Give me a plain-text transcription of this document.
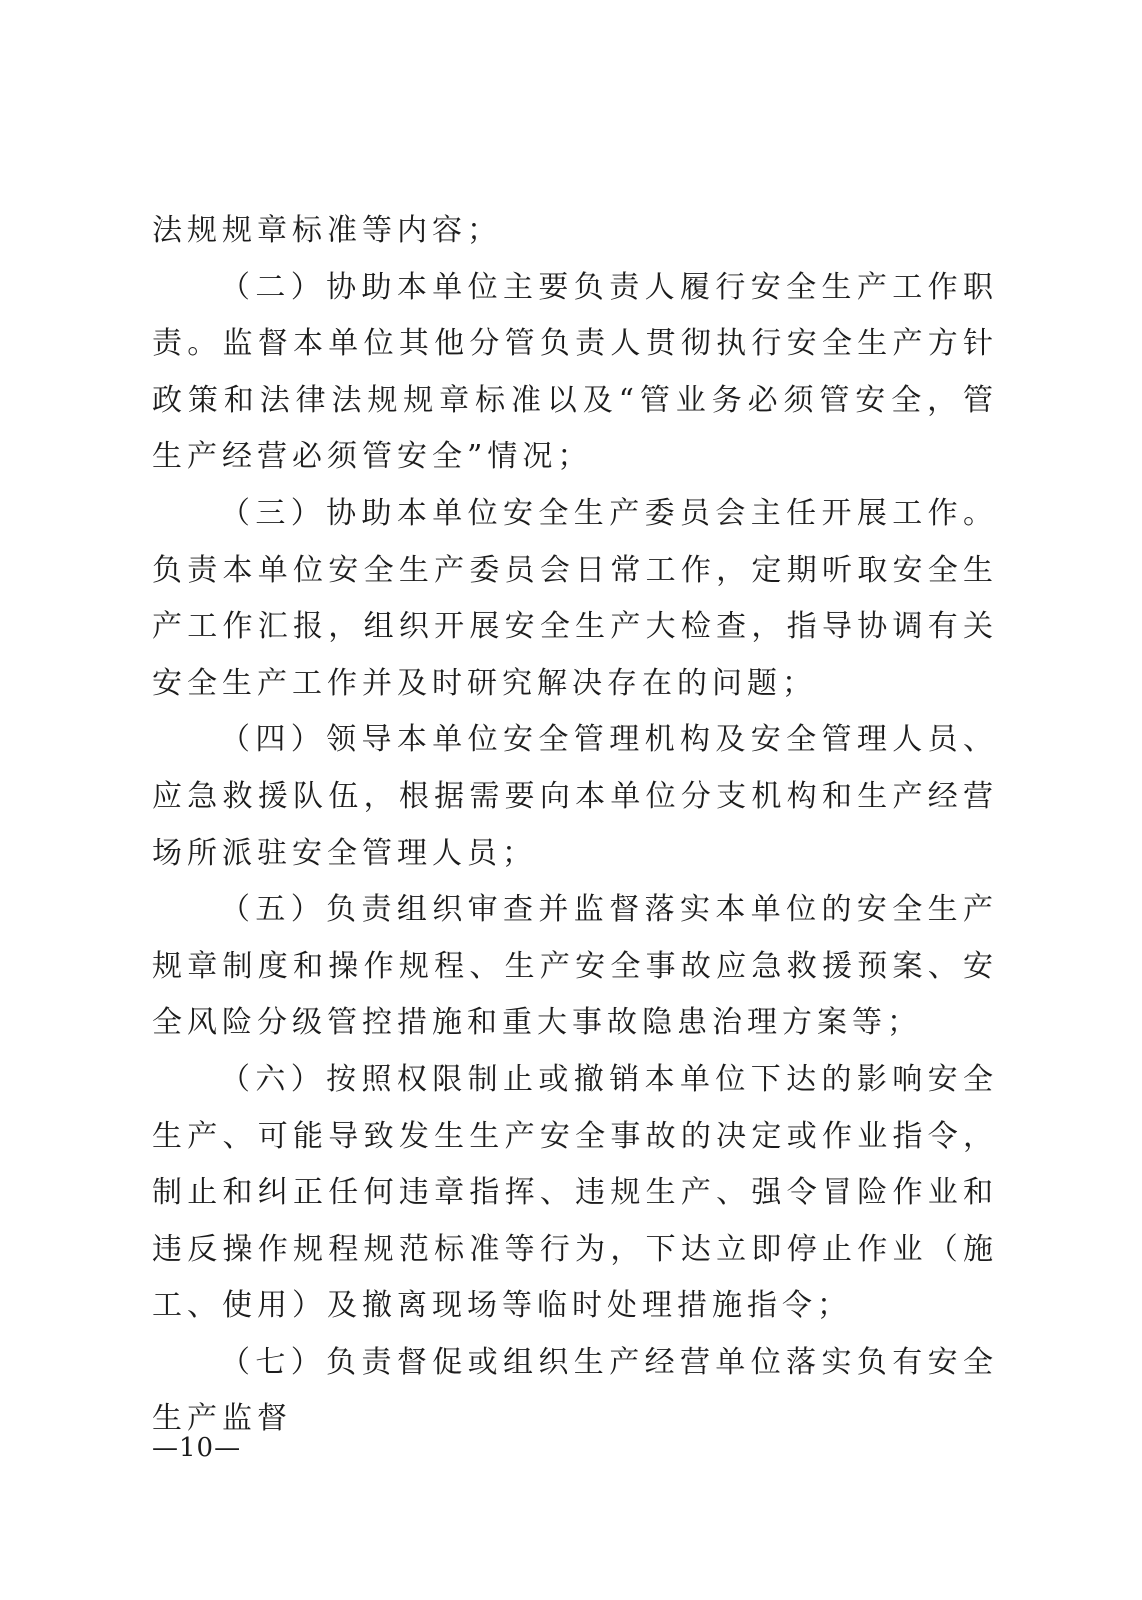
法规规章标准等内容；

（二）协助本单位主要负责人履行安全生产工作职责。监督本单位其他分管负责人贯彻执行安全生产方针政策和法律法规规章标准以及“管业务必须管安全，管生产经营必须管安全”情况；

（三）协助本单位安全生产委员会主任开展工作。负责本单位安全生产委员会日常工作，定期听取安全生产工作汇报，组织开展安全生产大检查，指导协调有关安全生产工作并及时研究解决存在的问题；

（四）领导本单位安全管理机构及安全管理人员、应急救援队伍，根据需要向本单位分支机构和生产经营场所派驻安全管理人员；

（五）负责组织审查并监督落实本单位的安全生产规章制度和操作规程、生产安全事故应急救援预案、安全风险分级管控措施和重大事故隐患治理方案等；

（六）按照权限制止或撤销本单位下达的影响安全生产、可能导致发生生产安全事故的决定或作业指令，制止和纠正任何违章指挥、违规生产、强令冒险作业和违反操作规程规范标准等行为，下达立即停止作业（施工、使用）及撤离现场等临时处理措施指令；

（七）负责督促或组织生产经营单位落实负有安全生产监督

—10—
